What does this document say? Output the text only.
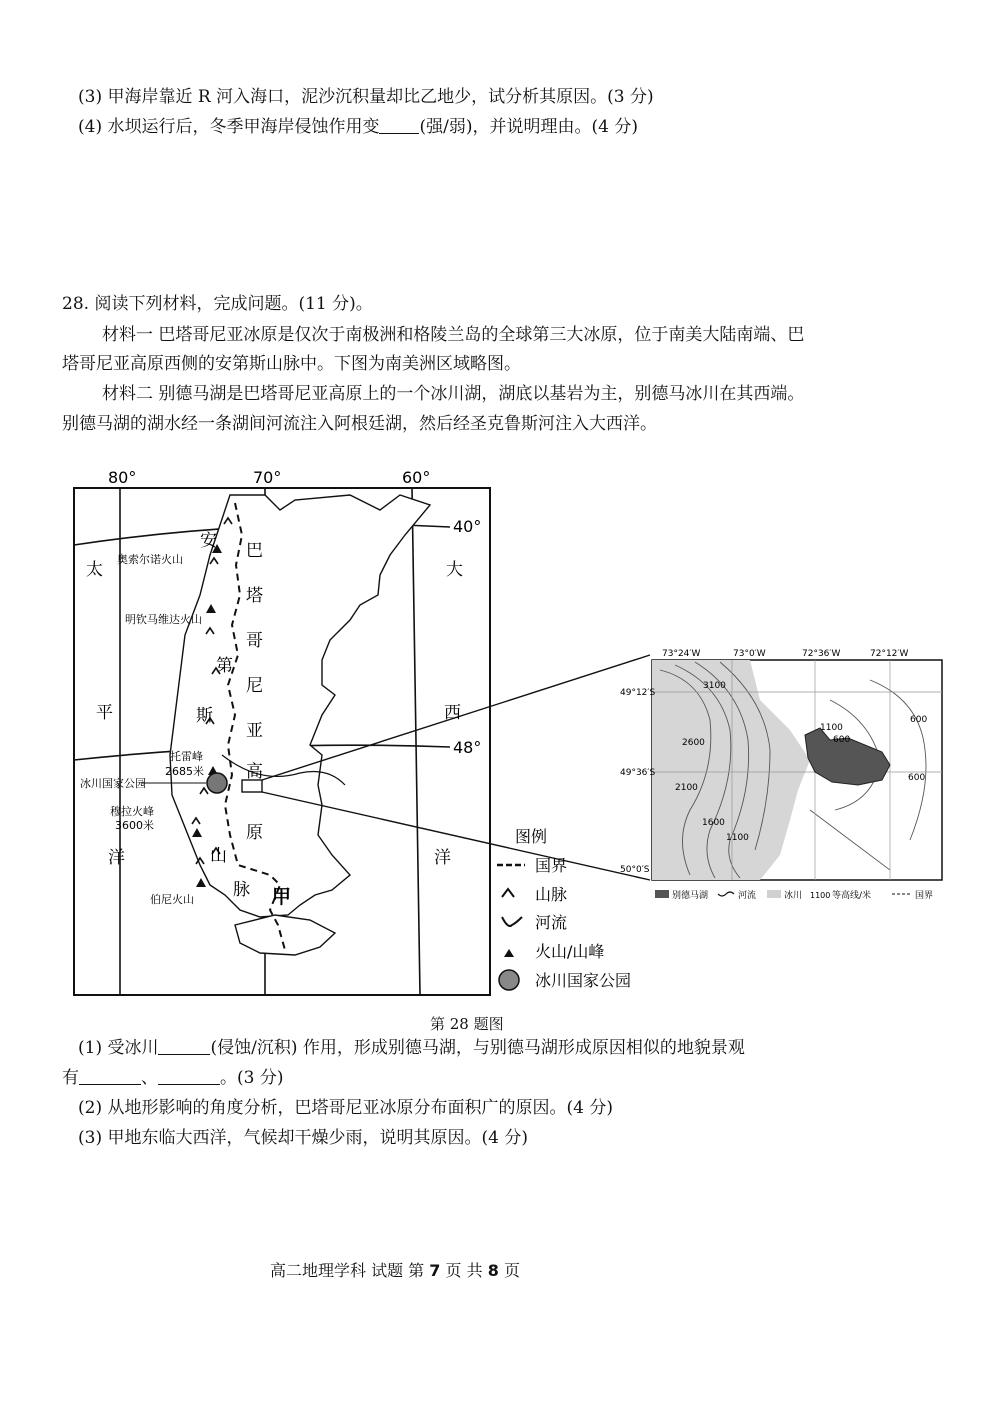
(3) 甲海岸靠近 R 河入海口，泥沙沉积量却比乙地少，试分析其原因。(3 分)
(4) 水坝运行后，冬季甲海岸侵蚀作用变 (强/弱)，并说明理由。(4 分)
28. 阅读下列材料，完成问题。(11 分)。
材料一 巴塔哥尼亚冰原是仅次于南极洲和格陵兰岛的全球第三大冰原，位于南美大陆南端、巴
塔哥尼亚高原西侧的安第斯山脉中。下图为南美洲区域略图。
材料二 别德马湖是巴塔哥尼亚高原上的一个冰川湖，湖底以基岩为主，别德马冰川在其西端。
别德马湖的湖水经一条湖间河流注入阿根廷湖，然后经圣克鲁斯河注入大西洋。
80°	70°	60°
40°
48°
奥索尔诺火山
明钦马维达火山
托雷峰
2685米
冰川国家公园
穆拉火峰
3600米
伯尼火山
太
平
洋
大
西
洋
安
第
斯
山
脉
巴
塔
哥
尼
亚
高
原
甲
图例
国界
山脉
河流
火山/山峰
冰川国家公园
73°24′W	73°0′W	72°36′W	72°12′W
49°12′S
49°36′S
50°0′S
3100
2600
2100
1600
1100
1100
600
600
600
别德马湖	河流	冰川 1100 等高线/米	国界
第 28 题图
(1) 受冰川	(侵蚀/沉积) 作用，形成别德马湖，与别德马湖形成原因相似的地貌景观
有	、	。(3 分)
(2) 从地形影响的角度分析，巴塔哥尼亚冰原分布面积广的原因。(4 分)
(3) 甲地东临大西洋，气候却干燥少雨，说明其原因。(4 分)
高二地理学科 试题 第 7 页 共 8 页
